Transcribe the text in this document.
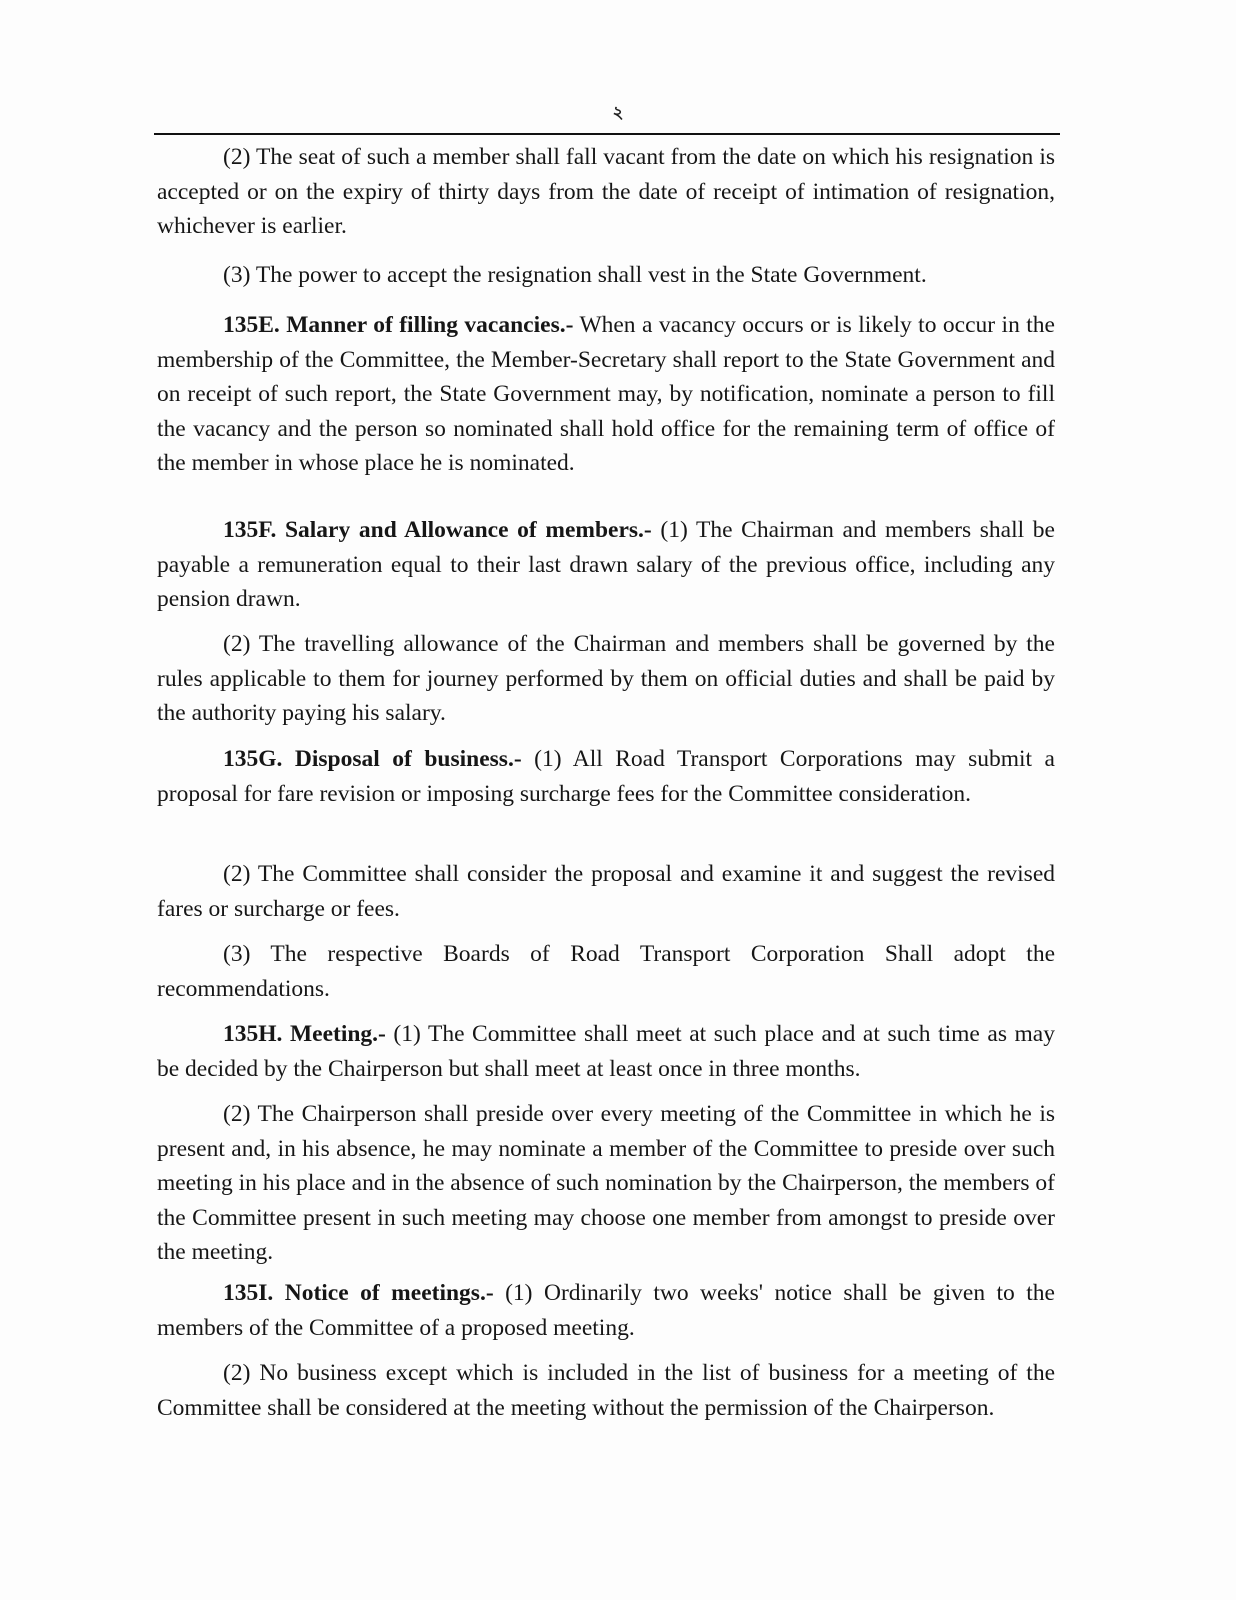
২

(2) The seat of such a member shall fall vacant from the date on which his resignation is accepted or on the expiry of thirty days from the date of receipt of intimation of resignation, whichever is earlier.

(3) The power to accept the resignation shall vest in the State Government.

135E. Manner of filling vacancies.- When a vacancy occurs or is likely to occur in the membership of the Committee, the Member-Secretary shall report to the State Government and on receipt of such report, the State Government may, by notification, nominate a person to fill the vacancy and the person so nominated shall hold office for the remaining term of office of the member in whose place he is nominated.

135F. Salary and Allowance of members.- (1) The Chairman and members shall be payable a remuneration equal to their last drawn salary of the previous office, including any pension drawn.

(2) The travelling allowance of the Chairman and members shall be governed by the rules applicable to them for journey performed by them on official duties and shall be paid by the authority paying his salary.

135G. Disposal of business.- (1) All Road Transport Corporations may submit a proposal for fare revision or imposing surcharge fees for the Committee consideration.

(2) The Committee shall consider the proposal and examine it and suggest the revised fares or surcharge or fees.

(3) The respective Boards of Road Transport Corporation Shall adopt the recommendations.

135H. Meeting.- (1) The Committee shall meet at such place and at such time as may be decided by the Chairperson but shall meet at least once in three months.

(2) The Chairperson shall preside over every meeting of the Committee in which he is present and, in his absence, he may nominate a member of the Committee to preside over such meeting in his place and in the absence of such nomination by the Chairperson, the members of the Committee present in such meeting may choose one member from amongst to preside over the meeting.

135I. Notice of meetings.- (1) Ordinarily two weeks' notice shall be given to the members of the Committee of a proposed meeting.

(2) No business except which is included in the list of business for a meeting of the Committee shall be considered at the meeting without the permission of the Chairperson.
